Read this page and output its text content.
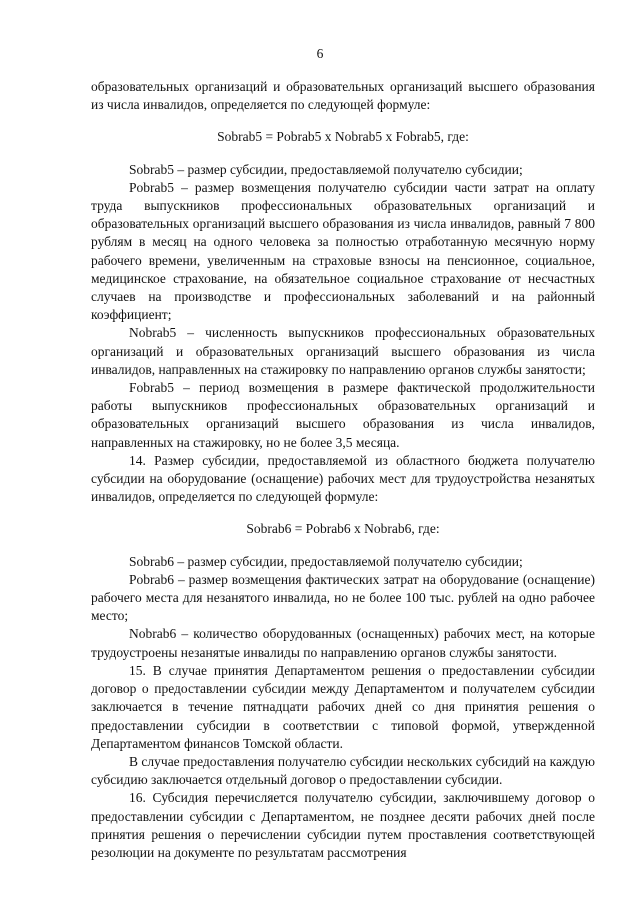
6

образовательных организаций и образовательных организаций высшего образования из числа инвалидов, определяется по следующей формуле:

Sobrab5 = Pobrab5 x Nobrab5 x Fobrab5, где:

Sobrab5 – размер субсидии, предоставляемой получателю субсидии;

Pobrab5 – размер возмещения получателю субсидии части затрат на оплату труда выпускников профессиональных образовательных организаций и образовательных организаций высшего образования из числа инвалидов, равный 7 800 рублям в месяц на одного человека за полностью отработанную месячную норму рабочего времени, увеличенным на страховые взносы на пенсионное, социальное, медицинское страхование, на обязательное социальное страхование от несчастных случаев на производстве и профессиональных заболеваний и на районный коэффициент;

Nobrab5 – численность выпускников профессиональных образовательных организаций и образовательных организаций высшего образования из числа инвалидов, направленных на стажировку по направлению органов службы занятости;

Fobrab5 – период возмещения в размере фактической продолжительности работы выпускников профессиональных образовательных организаций и образовательных организаций высшего образования из числа инвалидов, направленных на стажировку, но не более 3,5 месяца.

14. Размер субсидии, предоставляемой из областного бюджета получателю субсидии на оборудование (оснащение) рабочих мест для трудоустройства незанятых инвалидов, определяется по следующей формуле:

Sobrab6 = Pobrab6 x Nobrab6, где:

Sobrab6 – размер субсидии, предоставляемой получателю субсидии;

Pobrab6 – размер возмещения фактических затрат на оборудование (оснащение) рабочего места для незанятого инвалида, но не более 100 тыс. рублей на одно рабочее место;

Nobrab6 – количество оборудованных (оснащенных) рабочих мест, на которые трудоустроены незанятые инвалиды по направлению органов службы занятости.

15. В случае принятия Департаментом решения о предоставлении субсидии договор о предоставлении субсидии между Департаментом и получателем субсидии заключается в течение пятнадцати рабочих дней со дня принятия решения о предоставлении субсидии в соответствии с типовой формой, утвержденной Департаментом финансов Томской области.

В случае предоставления получателю субсидии нескольких субсидий на каждую субсидию заключается отдельный договор о предоставлении субсидии.

16. Субсидия перечисляется получателю субсидии, заключившему договор о предоставлении субсидии с Департаментом, не позднее десяти рабочих дней после принятия решения о перечислении субсидии путем проставления соответствующей резолюции на документе по результатам рассмотрения
